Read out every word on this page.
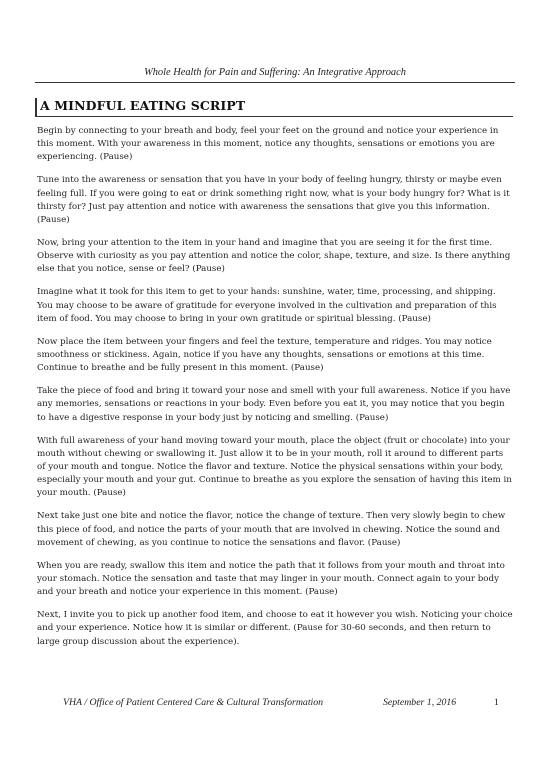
Whole Health for Pain and Suffering: An Integrative Approach
A MINDFUL EATING SCRIPT

Begin by connecting to your breath and body, feel your feet on the ground and notice your experience in this moment. With your awareness in this moment, notice any thoughts, sensations or emotions you are experiencing. (Pause)

Tune into the awareness or sensation that you have in your body of feeling hungry, thirsty or maybe even feeling full. If you were going to eat or drink something right now, what is your body hungry for? What is it thirsty for? Just pay attention and notice with awareness the sensations that give you this information. (Pause)

Now, bring your attention to the item in your hand and imagine that you are seeing it for the first time. Observe with curiosity as you pay attention and notice the color, shape, texture, and size. Is there anything else that you notice, sense or feel? (Pause)

Imagine what it took for this item to get to your hands: sunshine, water, time, processing, and shipping. You may choose to be aware of gratitude for everyone involved in the cultivation and preparation of this item of food. You may choose to bring in your own gratitude or spiritual blessing. (Pause)

Now place the item between your fingers and feel the texture, temperature and ridges. You may notice smoothness or stickiness. Again, notice if you have any thoughts, sensations or emotions at this time. Continue to breathe and be fully present in this moment. (Pause)

Take the piece of food and bring it toward your nose and smell with your full awareness. Notice if you have any memories, sensations or reactions in your body. Even before you eat it, you may notice that you begin to have a digestive response in your body just by noticing and smelling. (Pause)

With full awareness of your hand moving toward your mouth, place the object (fruit or chocolate) into your mouth without chewing or swallowing it. Just allow it to be in your mouth, roll it around to different parts of your mouth and tongue. Notice the flavor and texture. Notice the physical sensations within your body, especially your mouth and your gut. Continue to breathe as you explore the sensation of having this item in your mouth. (Pause)

Next take just one bite and notice the flavor, notice the change of texture. Then very slowly begin to chew this piece of food, and notice the parts of your mouth that are involved in chewing. Notice the sound and movement of chewing, as you continue to notice the sensations and flavor. (Pause)

When you are ready, swallow this item and notice the path that it follows from your mouth and throat into your stomach. Notice the sensation and taste that may linger in your mouth. Connect again to your body and your breath and notice your experience in this moment. (Pause)

Next, I invite you to pick up another food item, and choose to eat it however you wish. Noticing your choice and your experience. Notice how it is similar or different. (Pause for 30-60 seconds, and then return to large group discussion about the experience).

VHA / Office of Patient Centered Care & Cultural Transformation	September 1, 2016	1
